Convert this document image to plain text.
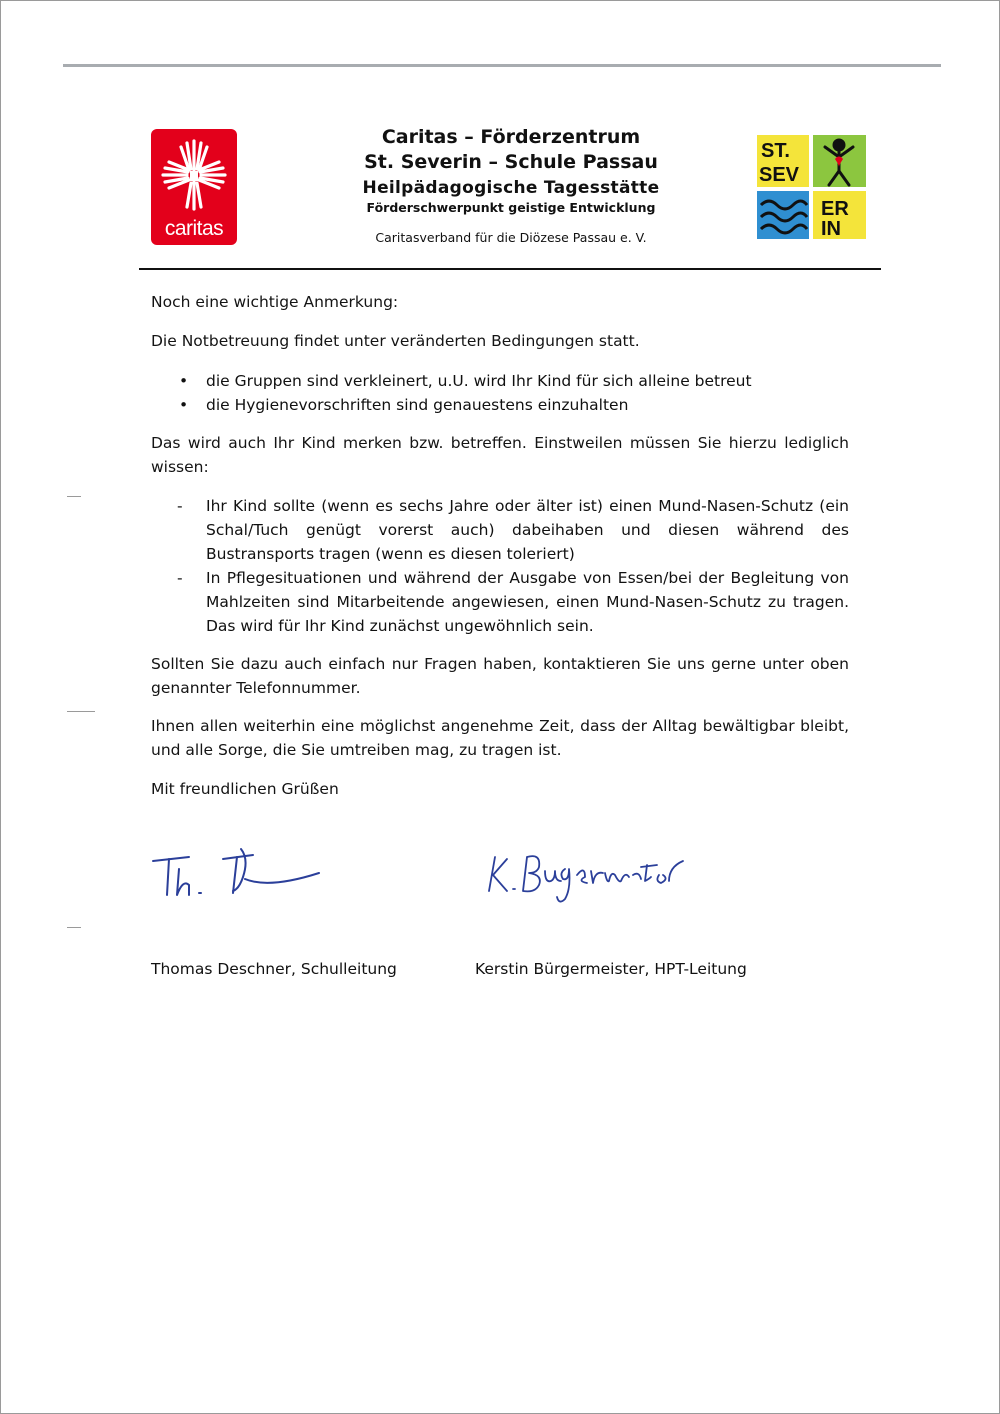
caritas
Caritas – Förderzentrum
St. Severin – Schule Passau
Heilpädagogische Tagesstätte
Förderschwerpunkt geistige Entwicklung
Caritasverband für die Diözese Passau e. V.
ST.
SEV
ER
IN
Noch eine wichtige Anmerkung:
Die Notbetreuung findet unter veränderten Bedingungen statt.
• die Gruppen sind verkleinert, u.U. wird Ihr Kind für sich alleine betreut
• die Hygienevorschriften sind genauestens einzuhalten
Das wird auch Ihr Kind merken bzw. betreffen. Einstweilen müssen Sie hierzu lediglich wissen:
- Ihr Kind sollte (wenn es sechs Jahre oder älter ist) einen Mund-Nasen-Schutz (ein Schal/Tuch genügt vorerst auch) dabeihaben und diesen während des Bustransports tragen (wenn es diesen toleriert)
- In Pflegesituationen und während der Ausgabe von Essen/bei der Begleitung von Mahlzeiten sind Mitarbeitende angewiesen, einen Mund-Nasen-Schutz zu tragen. Das wird für Ihr Kind zunächst ungewöhnlich sein.
Sollten Sie dazu auch einfach nur Fragen haben, kontaktieren Sie uns gerne unter oben genannter Telefonnummer.
Ihnen allen weiterhin eine möglichst angenehme Zeit, dass der Alltag bewältigbar bleibt, und alle Sorge, die Sie umtreiben mag, zu tragen ist.
Mit freundlichen Grüßen
Thomas Deschner, Schulleitung	Kerstin Bürgermeister, HPT-Leitung
